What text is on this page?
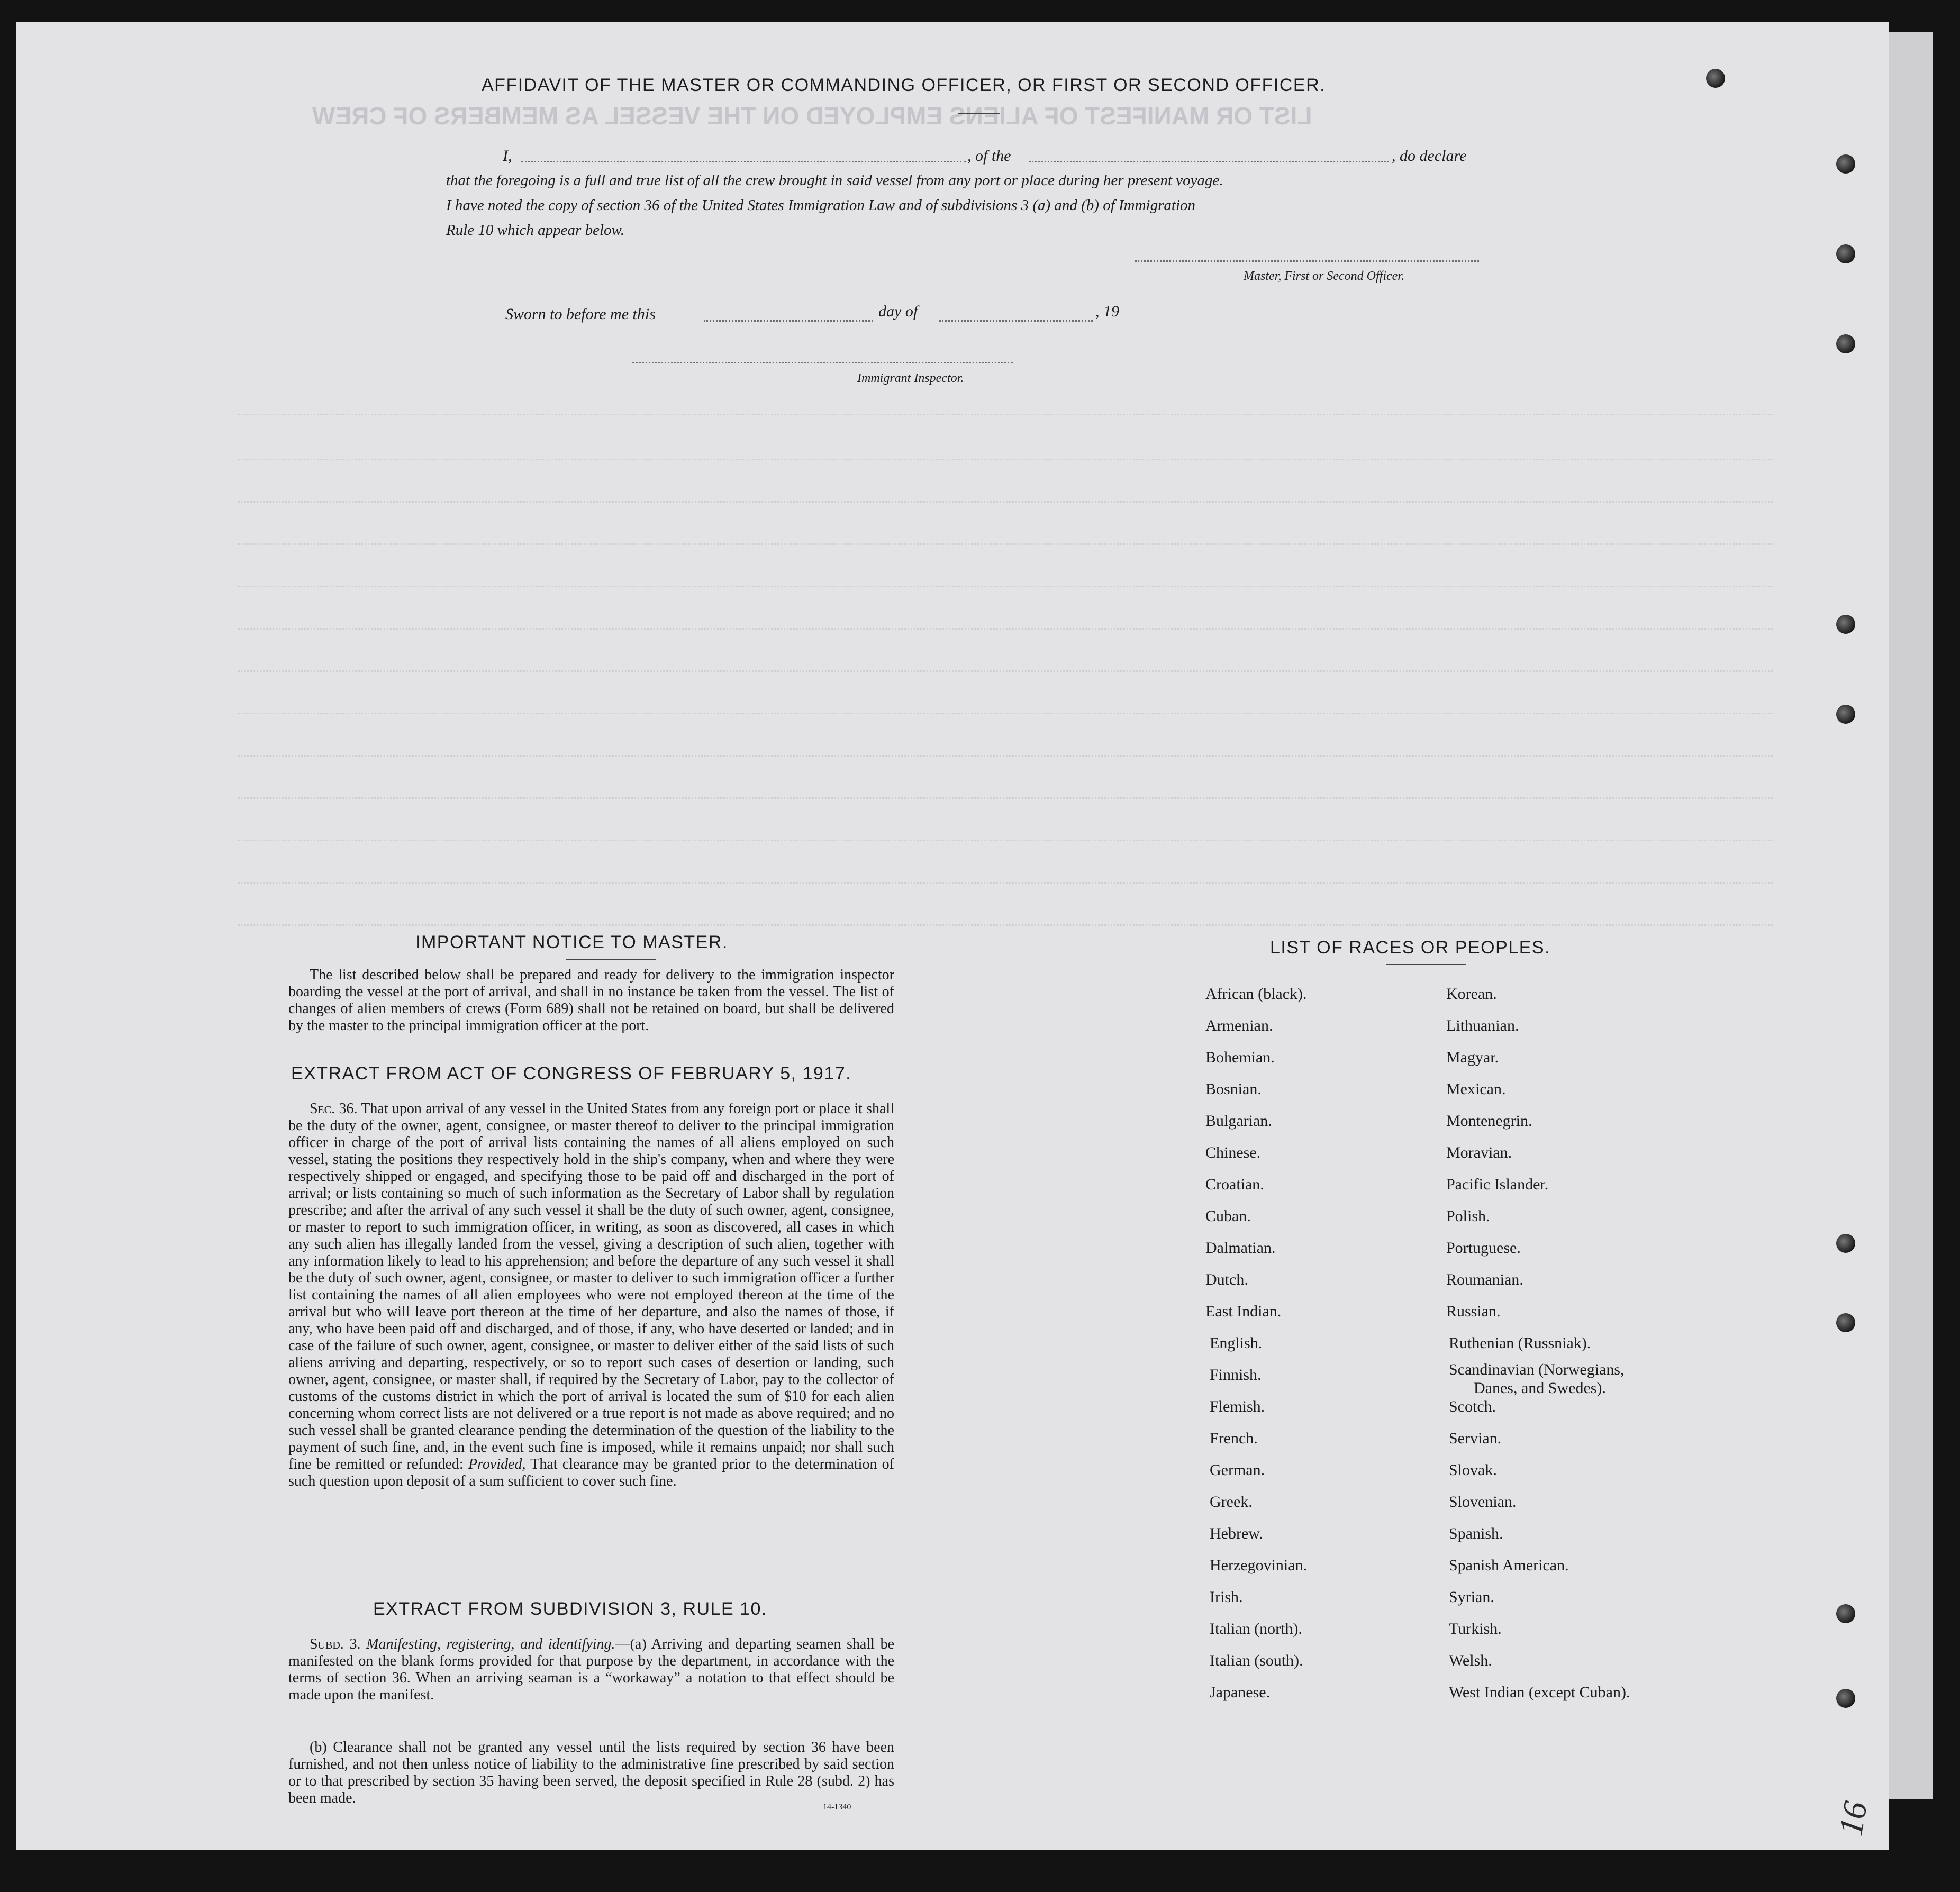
LIST OR MANIFEST OF ALIENS EMPLOYED ON THE VESSEL AS MEMBERS OF CREW
AFFIDAVIT OF THE MASTER OR COMMANDING OFFICER, OR FIRST OR SECOND OFFICER.
I,	, of the	, do declare
that the foregoing is a full and true list of all the crew brought in said vessel from any port or place during her present voyage.
I have noted the copy of section 36 of the United States Immigration Law and of subdivisions 3 (a) and (b) of Immigration
Rule 10 which appear below.
Master, First or Second Officer.
Sworn to before me this	day of	, 19
Immigrant Inspector.
IMPORTANT NOTICE TO MASTER.
The list described below shall be prepared and ready for delivery to the immigration inspector boarding the vessel at the port of arrival, and shall in no instance be taken from the vessel. The list of changes of alien members of crews (Form 689) shall not be retained on board, but shall be delivered by the master to the principal immigration officer at the port.
EXTRACT FROM ACT OF CONGRESS OF FEBRUARY 5, 1917.
Sec. 36. That upon arrival of any vessel in the United States from any foreign port or place it shall be the duty of the owner, agent, consignee, or master thereof to deliver to the principal immigration officer in charge of the port of arrival lists containing the names of all aliens employed on such vessel, stating the positions they respectively hold in the ship's company, when and where they were respectively shipped or engaged, and specifying those to be paid off and discharged in the port of arrival; or lists containing so much of such information as the Secretary of Labor shall by regulation prescribe; and after the arrival of any such vessel it shall be the duty of such owner, agent, consignee, or master to report to such immigration officer, in writing, as soon as discovered, all cases in which any such alien has illegally landed from the vessel, giving a description of such alien, together with any information likely to lead to his apprehension; and before the departure of any such vessel it shall be the duty of such owner, agent, consignee, or master to deliver to such immigration officer a further list containing the names of all alien employees who were not employed thereon at the time of the arrival but who will leave port thereon at the time of her departure, and also the names of those, if any, who have been paid off and discharged, and of those, if any, who have deserted or landed; and in case of the failure of such owner, agent, consignee, or master to deliver either of the said lists of such aliens arriving and departing, respectively, or so to report such cases of desertion or landing, such owner, agent, consignee, or master shall, if required by the Secretary of Labor, pay to the collector of customs of the customs district in which the port of arrival is located the sum of $10 for each alien concerning whom correct lists are not delivered or a true report is not made as above required; and no such vessel shall be granted clearance pending the determination of the question of the liability to the payment of such fine, and, in the event such fine is imposed, while it remains unpaid; nor shall such fine be remitted or refunded: Provided, That clearance may be granted prior to the determination of such question upon deposit of a sum sufficient to cover such fine.
EXTRACT FROM SUBDIVISION 3, RULE 10.
Subd. 3. Manifesting, registering, and identifying.—(a) Arriving and departing seamen shall be manifested on the blank forms provided for that purpose by the department, in accordance with the terms of section 36. When an arriving seaman is a “workaway” a notation to that effect should be made upon the manifest.
(b) Clearance shall not be granted any vessel until the lists required by section 36 have been furnished, and not then unless notice of liability to the administrative fine prescribed by said section or to that prescribed by section 35 having been served, the deposit specified in Rule 28 (subd. 2) has been made.
14-1340
LIST OF RACES OR PEOPLES.
African (black).
Armenian.
Bohemian.
Bosnian.
Bulgarian.
Chinese.
Croatian.
Cuban.
Dalmatian.
Dutch.
East Indian.
English.
Finnish.
Flemish.
French.
German.
Greek.
Hebrew.
Herzegovinian.
Irish.
Italian (north).
Italian (south).
Japanese.
Korean.
Lithuanian.
Magyar.
Mexican.
Montenegrin.
Moravian.
Pacific Islander.
Polish.
Portuguese.
Roumanian.
Russian.
Ruthenian (Russniak).
Scandinavian (Norwegians,
Scotch.
Servian.
Slovak.
Slovenian.
Spanish.
Spanish American.
Syrian.
Turkish.
Welsh.
West Indian (except Cuban).
Danes, and Swedes).
16
